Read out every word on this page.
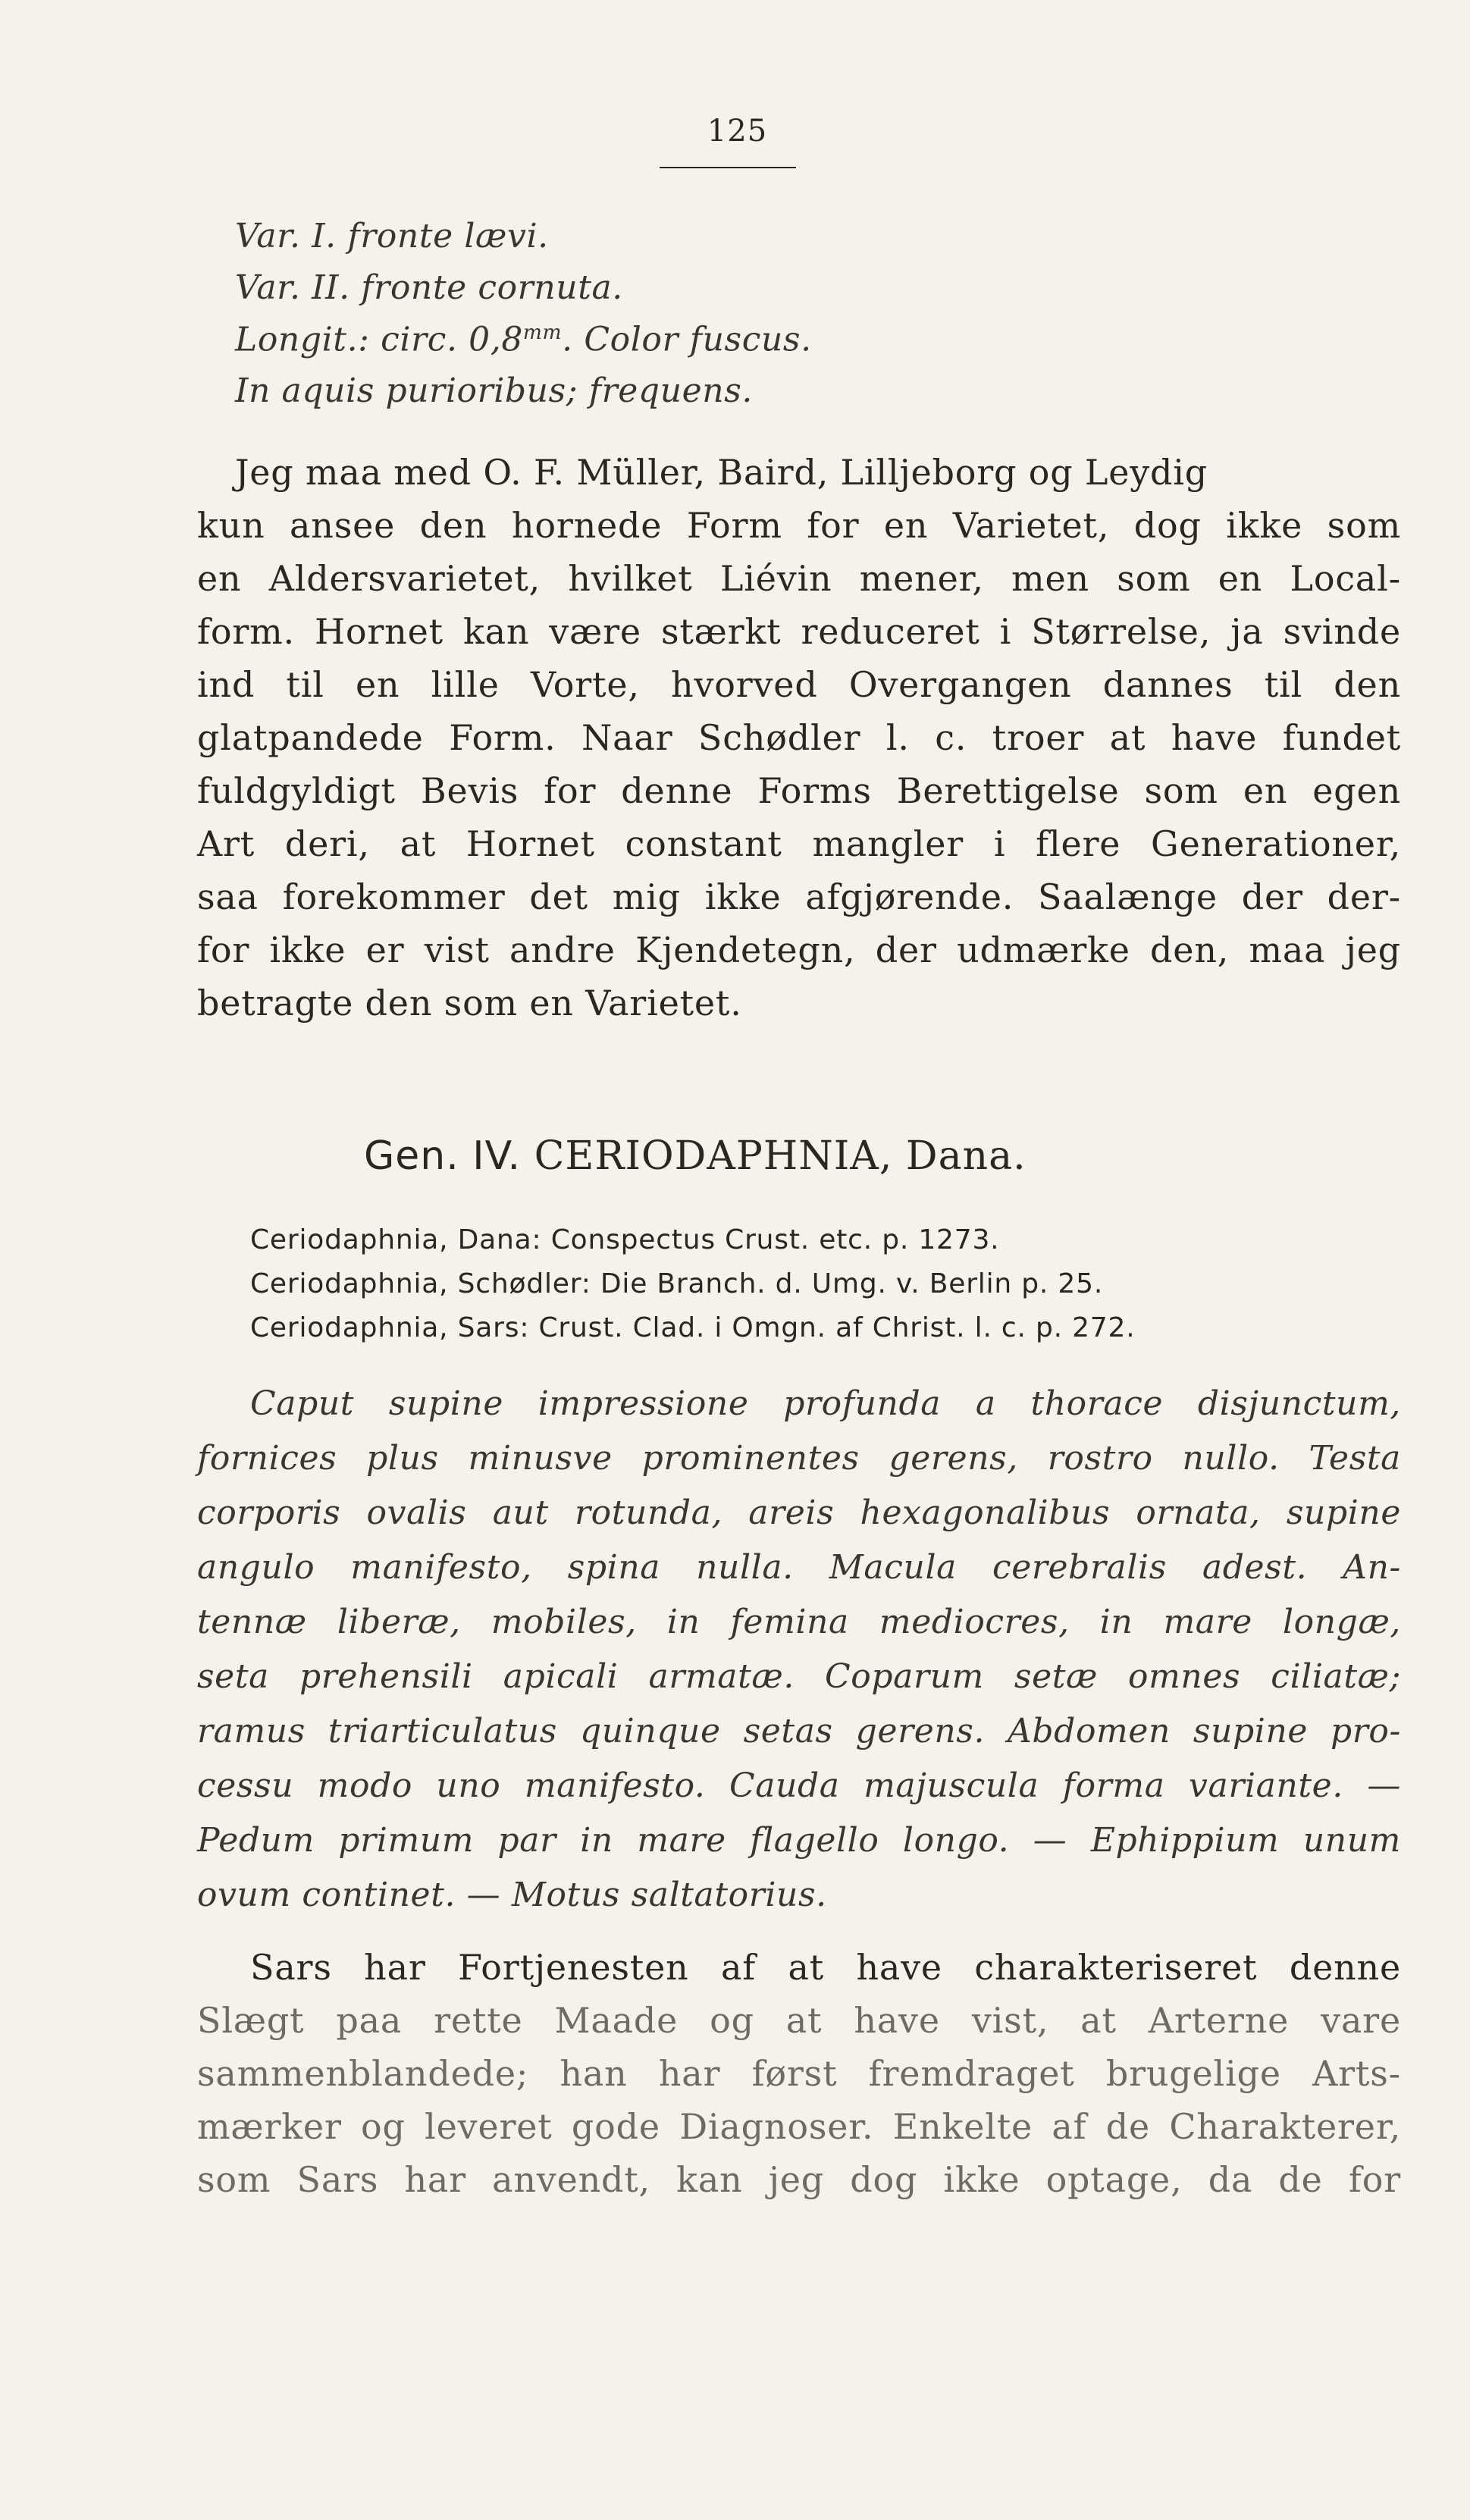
125
Var. I. fronte lævi.
Var. II. fronte cornuta.
Longit.: circ. $0,8^{mm}$. Color fuscus.
In aquis purioribus; frequens.
Jeg maa med O. F. Müller, Baird, Lilljeborg og Leydig
kun ansee den hornede Form for en Varietet, dog ikke som
en Aldersvarietet, hvilket Liévin mener, men som en Local-
form. Hornet kan være stærkt reduceret i Størrelse, ja svinde
ind til en lille Vorte, hvorved Overgangen dannes til den
glatpandede Form. Naar Schødler l. c. troer at have fundet
fuldgyldigt Bevis for denne Forms Berettigelse som en egen
Art deri, at Hornet constant mangler i flere Generationer,
saa forekommer det mig ikke afgjørende. Saalænge der der-
for ikke er vist andre Kjendetegn, der udmærke den, maa jeg
betragte den som en Varietet.
Gen. IV. CERIODAPHNIA, Dana.
Ceriodaphnia, Dana: Conspectus Crust. etc. p. 1273.
Ceriodaphnia, Schødler: Die Branch. d. Umg. v. Berlin p. 25.
Ceriodaphnia, Sars: Crust. Clad. i Omgn. af Christ. l. c. p. 272.
Caput supine impressione profunda a thorace disjunctum,
fornices plus minusve prominentes gerens, rostro nullo. Testa
corporis ovalis aut rotunda, areis hexagonalibus ornata, supine
angulo manifesto, spina nulla. Macula cerebralis adest. An-
tennæ liberæ, mobiles, in femina mediocres, in mare longæ,
seta prehensili apicali armatæ. Coparum setæ omnes ciliatæ;
ramus triarticulatus quinque setas gerens. Abdomen supine pro-
cessu modo uno manifesto. Cauda majuscula forma variante. —
Pedum primum par in mare flagello longo. — Ephippium unum
ovum continet. — Motus saltatorius.
Sars har Fortjenesten af at have charakteriseret denne
Slægt paa rette Maade og at have vist, at Arterne vare
sammenblandede; han har først fremdraget brugelige Arts-
mærker og leveret gode Diagnoser. Enkelte af de Charakterer,
som Sars har anvendt, kan jeg dog ikke optage, da de for
